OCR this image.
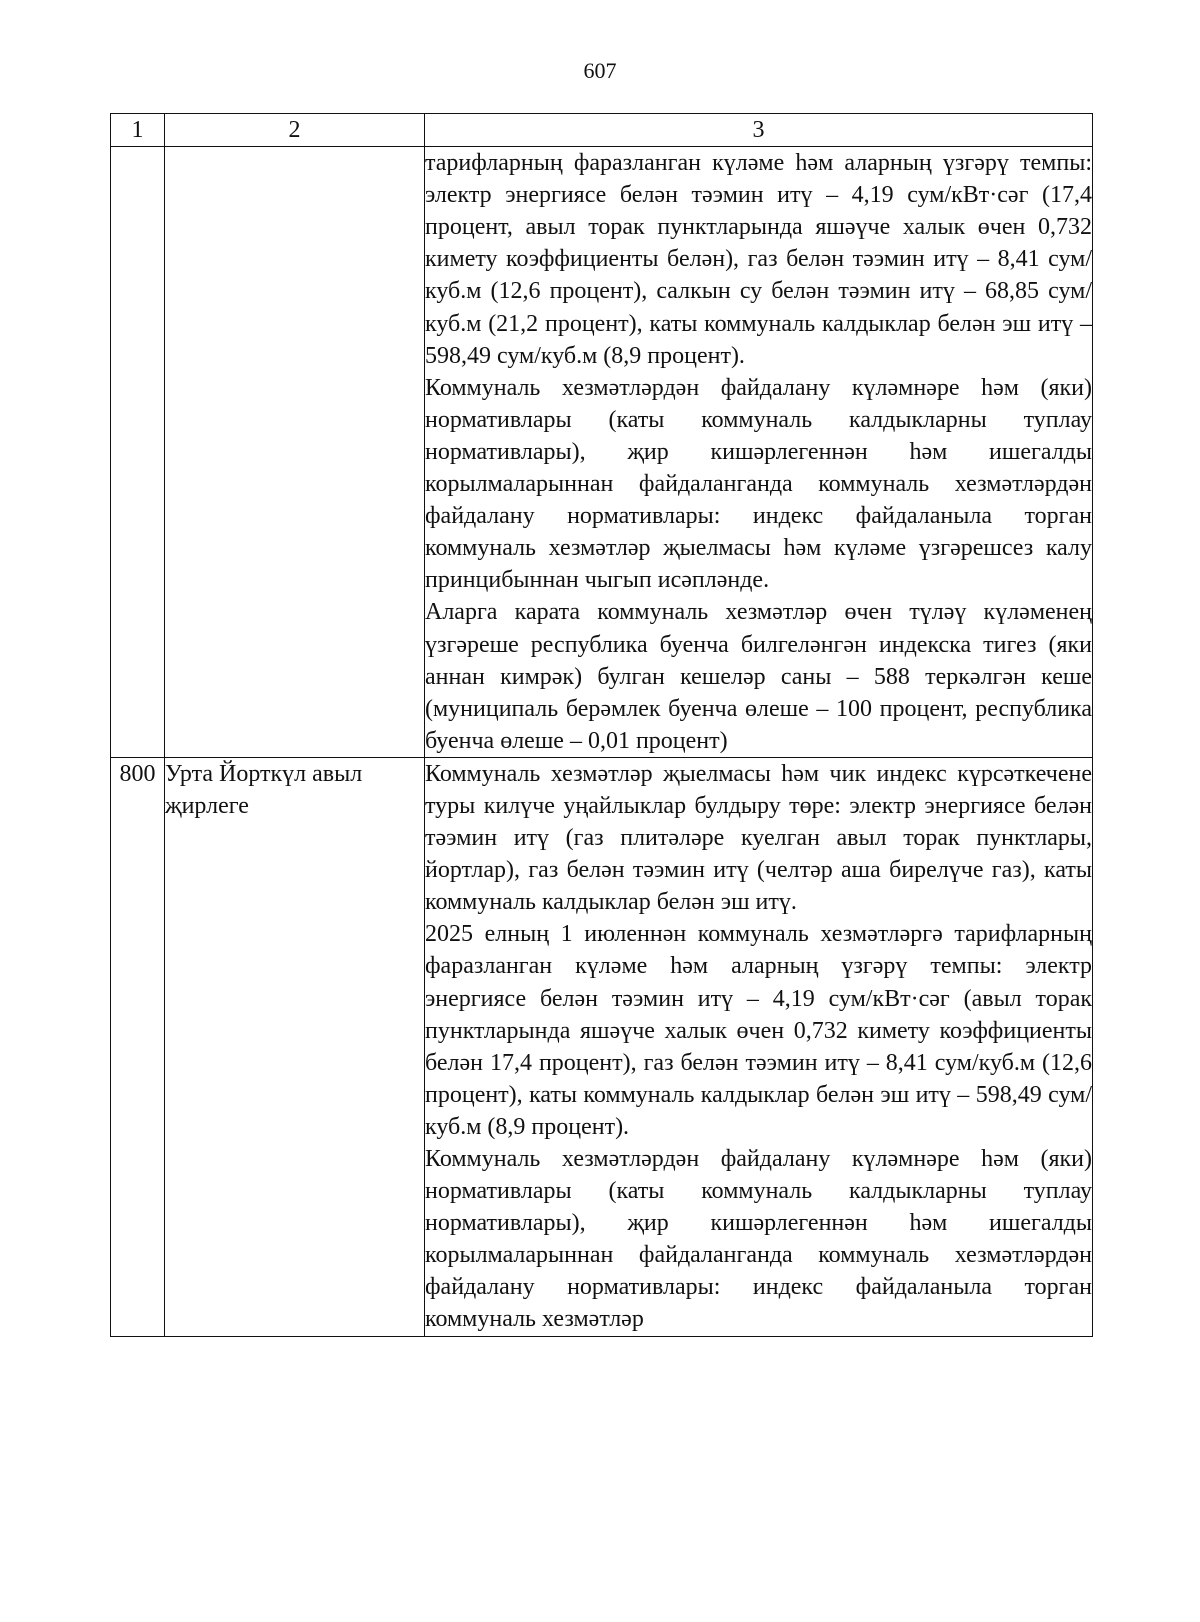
607
1	2	3

		тарифларның фаразланган күләме һәм аларның үзгәрү темпы: электр энергиясе белән тәэмин итү – 4,19 сум/кВт·сәг (17,4 процент, авыл торак пунктларында яшәүче халык өчен 0,732 кимету коэффициенты белән), газ белән тәэмин итү – 8,41 сум/куб.м (12,6 процент), салкын су белән тәэмин итү – 68,85 сум/куб.м (21,2 процент), каты коммуналь калдыклар белән эш итү – 598,49 сум/куб.м (8,9 процент).

Коммуналь хезмәтләрдән файдалану күләмнәре һәм (яки) нормативлары (каты коммуналь калдыкларны туплау нормативлары), җир кишәрлегеннән һәм ишегалды корылмаларыннан файдаланганда коммуналь хезмәтләрдән файдалану нормативлары: индекс файдаланыла торган коммуналь хезмәтләр җыелмасы һәм күләме үзгәрешсез калу принцибыннан чыгып исәпләнде.

Аларга карата коммуналь хезмәтләр өчен түләү күләменең үзгәреше республика буенча билгеләнгән индекска тигез (яки аннан кимрәк) булган кешеләр саны – 588 теркәлгән кеше (муниципаль берәмлек буенча өлеше – 100 процент, республика буенча өлеше – 0,01 процент)

800	Урта Йорткүл авыл җирлеге	Коммуналь хезмәтләр җыелмасы һәм чик индекс күрсәткечене туры килүче уңайлыклар булдыру төре: электр энергиясе белән тәэмин итү (газ плитәләре куелган авыл торак пунктлары, йортлар), газ белән тәэмин итү (челтәр аша бирелүче газ), каты коммуналь калдыклар белән эш итү.

2025 елның 1 июленнән коммуналь хезмәтләргә тарифларның фаразланган күләме һәм аларның үзгәрү темпы: электр энергиясе белән тәэмин итү – 4,19 сум/кВт·сәг (авыл торак пунктларында яшәүче халык өчен 0,732 кимету коэффициенты белән 17,4 процент), газ белән тәэмин итү – 8,41 сум/куб.м (12,6 процент), каты коммуналь калдыклар белән эш итү – 598,49 сум/куб.м (8,9 процент).

Коммуналь хезмәтләрдән файдалану күләмнәре һәм (яки) нормативлары (каты коммуналь калдыкларны туплау нормативлары), җир кишәрлегеннән һәм ишегалды корылмаларыннан файдаланганда коммуналь хезмәтләрдән файдалану нормативлары: индекс файдаланыла торган коммуналь хезмәтләр
